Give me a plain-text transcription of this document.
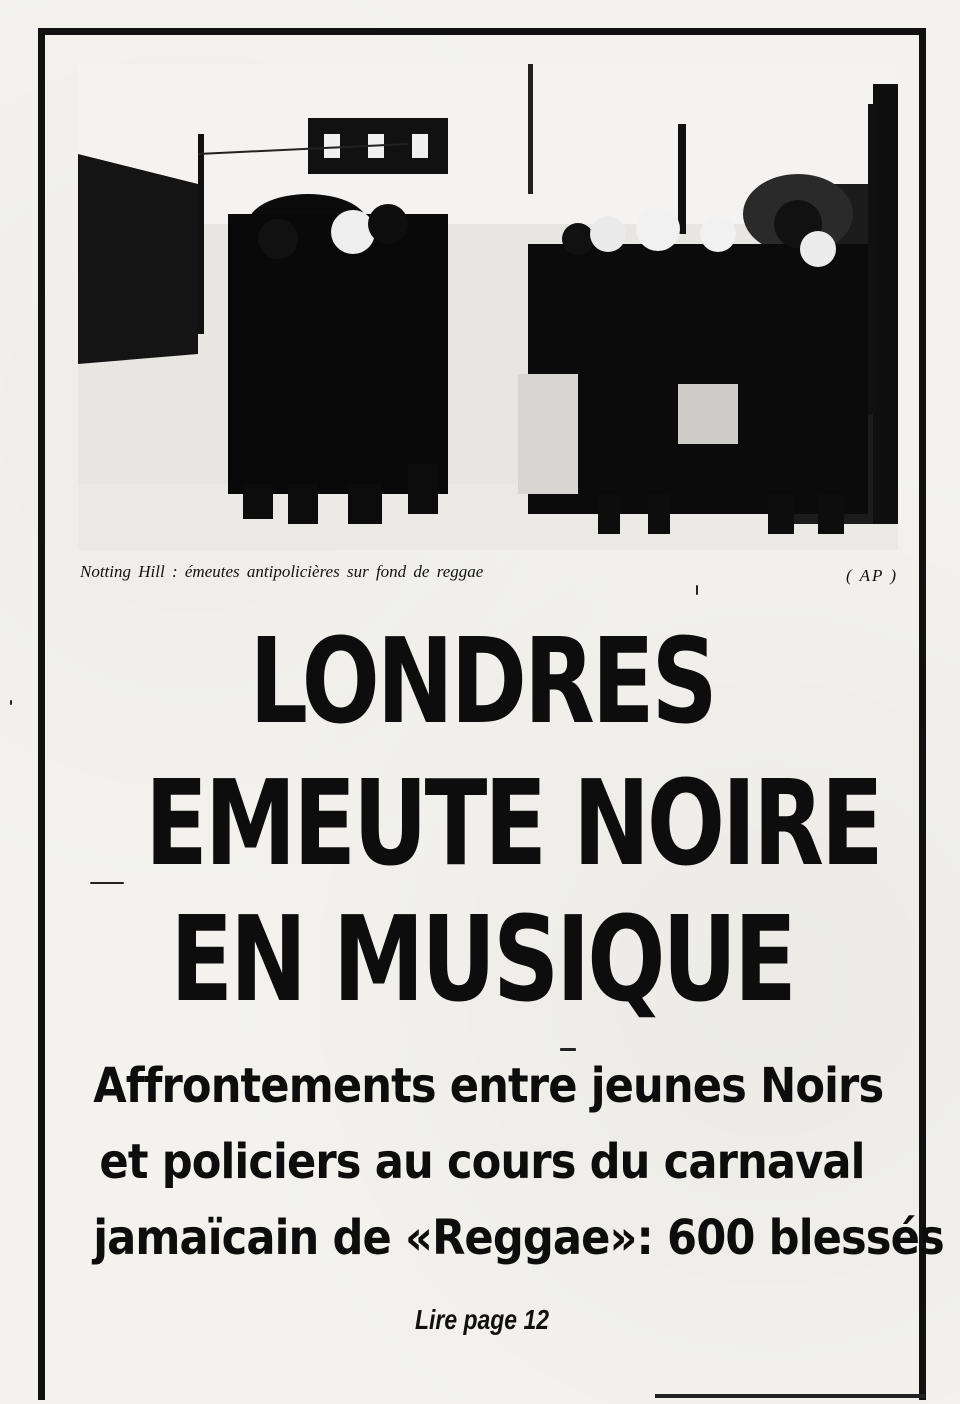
Notting Hill : émeutes antipolicières sur fond de reggae	( AP )
LONDRES
EMEUTE NOIRE
EN MUSIQUE
Affrontements entre jeunes Noirs
et policiers au cours du carnaval
jamaïcain de «Reggae»: 600 blessés
Lire page 12
